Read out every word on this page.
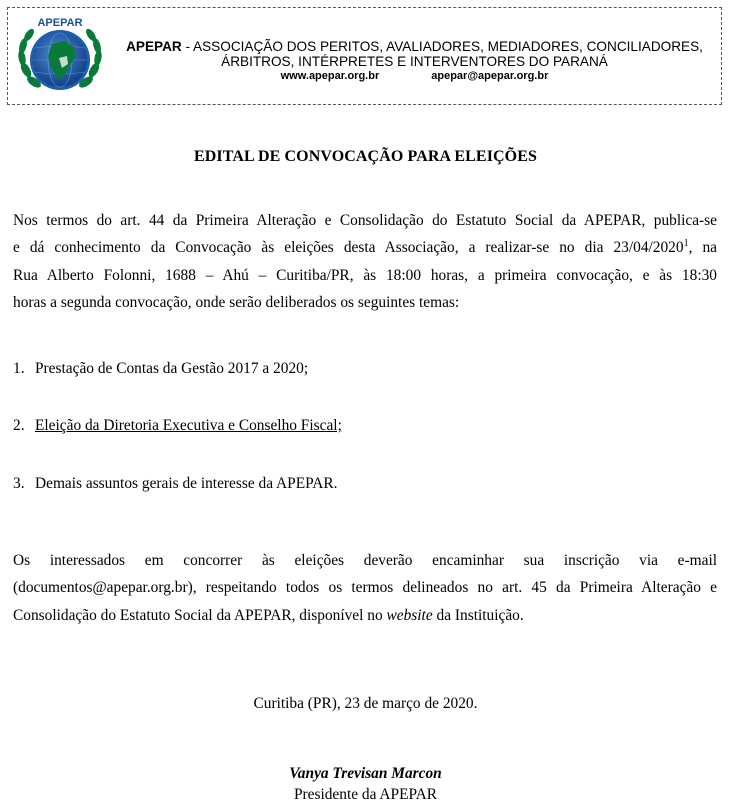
APEPAR
APEPAR - ASSOCIAÇÃO DOS PERITOS, AVALIADORES, MEDIADORES, CONCILIADORES,
ÁRBITROS, INTÉRPRETES E INTERVENTORES DO PARANÁ
www.apepar.org.br	apepar@apepar.org.br
EDITAL DE CONVOCAÇÃO PARA ELEIÇÕES
Nos termos do art. 44 da Primeira Alteração e Consolidação do Estatuto Social da APEPAR, publica-se
e dá conhecimento da Convocação às eleições desta Associação, a realizar-se no dia 23/04/2020$^1$, na
Rua Alberto Folonni, 1688 – Ahú – Curitiba/PR, às 18:00 horas, a primeira convocação, e às 18:30
horas a segunda convocação, onde serão deliberados os seguintes temas:
1. Prestação de Contas da Gestão 2017 a 2020;
2. Eleição da Diretoria Executiva e Conselho Fiscal;
3. Demais assuntos gerais de interesse da APEPAR.
Os interessados em concorrer às eleições deverão encaminhar sua inscrição via e-mail
(documentos@apepar.org.br), respeitando todos os termos delineados no art. 45 da Primeira Alteração e
Consolidação do Estatuto Social da APEPAR, disponível no website da Instituição.
Curitiba (PR), 23 de março de 2020.
Vanya Trevisan Marcon
Presidente da APEPAR
